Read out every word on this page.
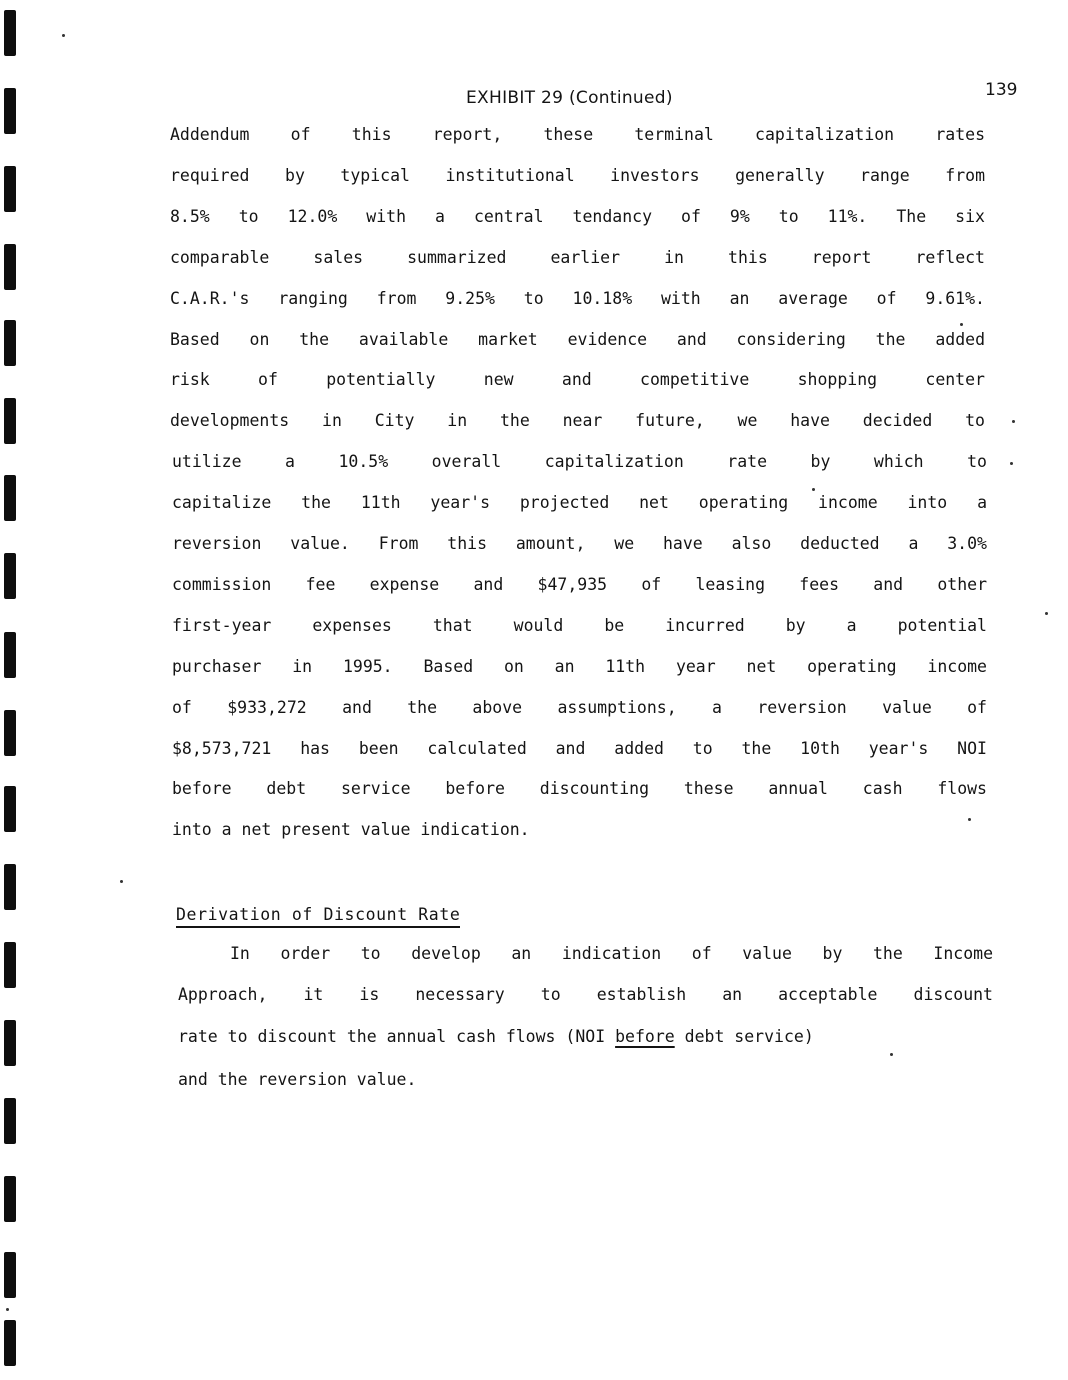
EXHIBIT 29 (Continued)	139
Addendum of this report, these terminal capitalization rates
required by typical institutional investors generally range from
8.5% to 12.0% with a central tendancy of 9% to 11%. The six
comparable sales summarized earlier in this report reflect
C.A.R.'s ranging from 9.25% to 10.18% with an average of 9.61%.
Based on the available market evidence and considering the added
risk of potentially new and competitive shopping center
developments in City in the near future, we have decided to
utilize a 10.5% overall capitalization rate by which to
capitalize the 11th year's projected net operating income into a
reversion value. From this amount, we have also deducted a 3.0%
commission fee expense and $47,935 of leasing fees and other
first-year expenses that would be incurred by a potential
purchaser in 1995. Based on an 11th year net operating income
of $933,272 and the above assumptions, a reversion value of
$8,573,721 has been calculated and added to the 10th year's NOI
before debt service before discounting these annual cash flows
into a net present value indication.
Derivation of Discount Rate
In order to develop an indication of value by the Income
Approach, it is necessary to establish an acceptable discount
rate to discount the annual cash flows (NOI before debt service)
and the reversion value.
